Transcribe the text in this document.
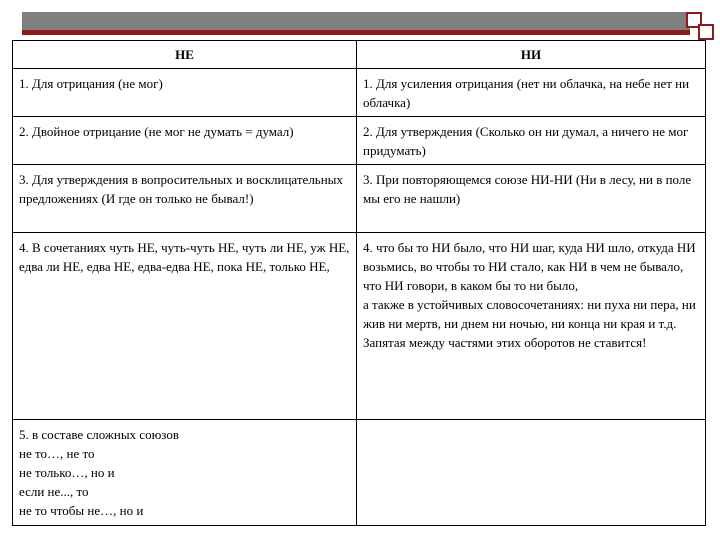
НЕ	НИ
1. Для отрицания (не мог)	1. Для усиления отрицания (нет ни облачка, на небе нет ни облачка)
2. Двойное отрицание (не мог не думать = думал)	2. Для утверждения (Сколько он ни думал, а ничего не мог придумать)
3. Для утверждения в вопросительных и восклицательных предложениях (И где он только не бывал!)	3. При повторяющемся союзе НИ-НИ (Ни в лесу, ни в поле мы его не нашли)
4. В сочетаниях чуть НЕ, чуть-чуть НЕ, чуть ли НЕ, уж НЕ, едва ли НЕ, едва НЕ, едва-едва НЕ, пока НЕ, только НЕ,	4. что бы то НИ было, что НИ шаг, куда НИ шло, откуда НИ возьмись, во чтобы то НИ стало, как НИ в чем не бывало, что НИ говори, в каком бы то ни было,
а также в устойчивых словосочетаниях: ни пуха ни пера, ни жив ни мертв, ни днем ни ночью, ни конца ни края и т.д.
Запятая между частями этих оборотов не ставится!
5. в составе сложных союзов
не то…, не то
не только…, но и
если не..., то
не то чтобы не…, но и	
